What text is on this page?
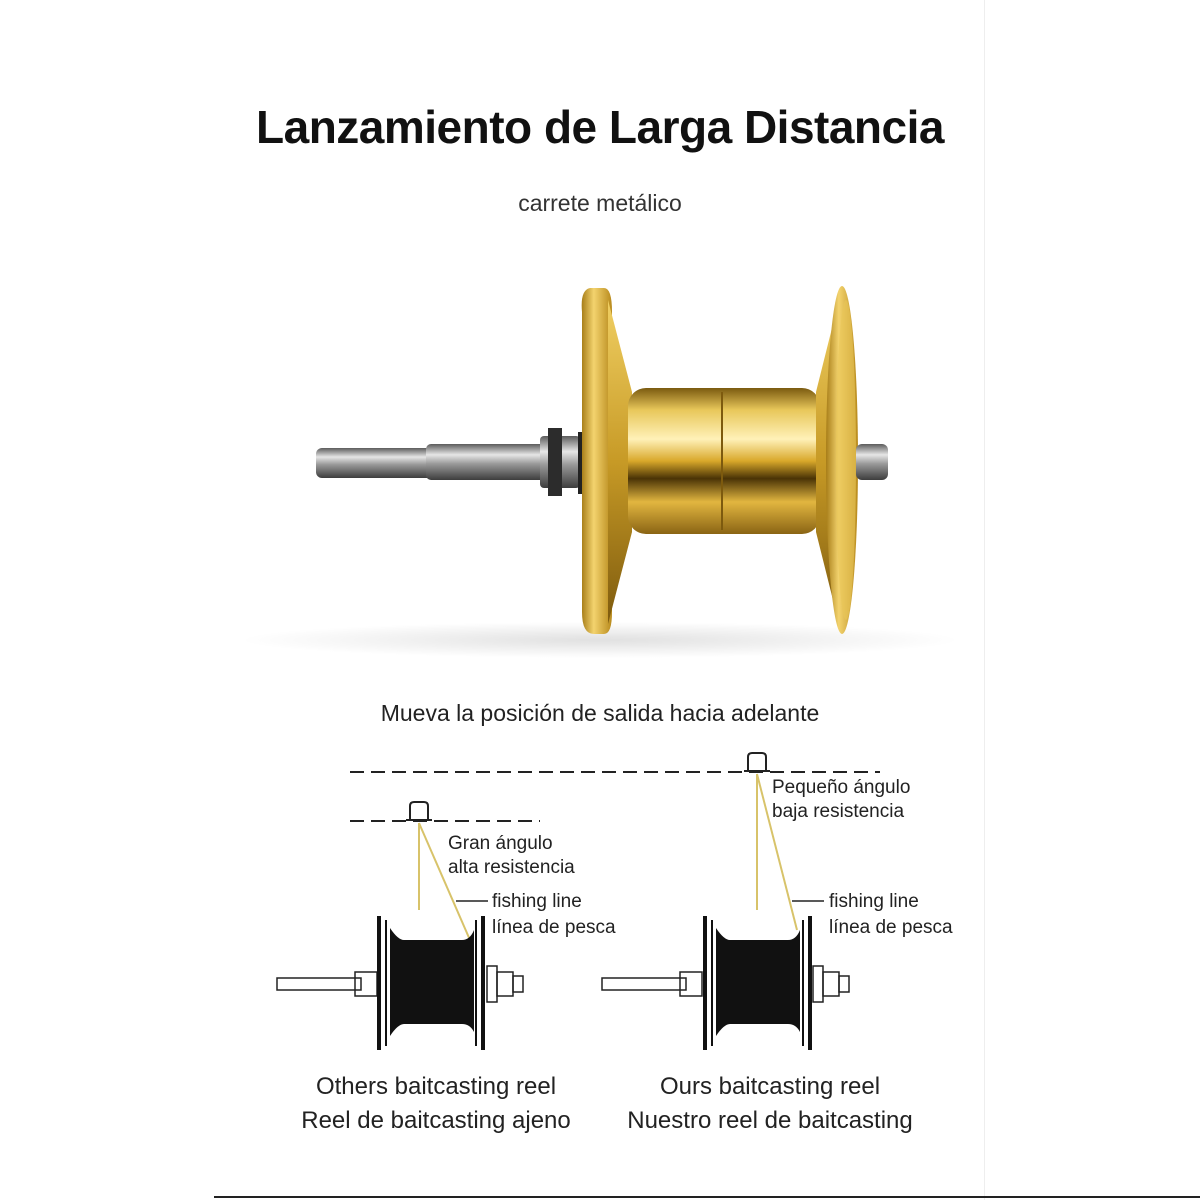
Lanzamiento de Larga Distancia
carrete metálico
Mueva la posición de salida hacia adelante
Gran ángulo
alta resistencia
fishing line
línea de pesca
Pequeño ángulo
baja resistencia
fishing line
línea de pesca
Others baitcasting reel
Reel de baitcasting ajeno
Ours baitcasting reel
Nuestro reel de baitcasting
